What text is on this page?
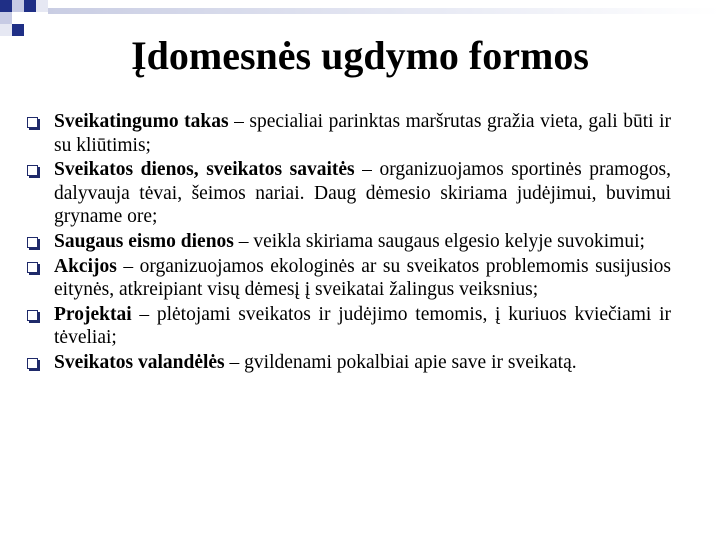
Įdomesnės ugdymo formos
Sveikatingumo takas – specialiai parinktas maršrutas gražia vieta, gali būti ir su kliūtimis;
Sveikatos dienos, sveikatos savaitės – organizuojamos sportinės pramogos, dalyvauja tėvai, šeimos nariai. Daug dėmesio skiriama judėjimui, buvimui gryname ore;
Saugaus eismo dienos – veikla skiriama saugaus elgesio kelyje suvokimui;
Akcijos – organizuojamos ekologinės ar su sveikatos problemomis susijusios eitynės, atkreipiant visų dėmesį į sveikatai žalingus veiksnius;
Projektai – plėtojami sveikatos ir judėjimo temomis, į kuriuos kviečiami ir tėveliai;
Sveikatos valandėlės – gvildenami pokalbiai apie save ir sveikatą.
